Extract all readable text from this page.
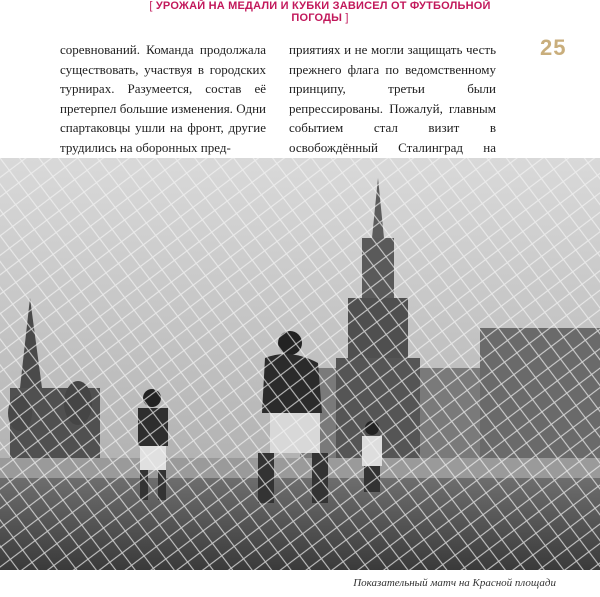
[ УРОЖАЙ НА МЕДАЛИ И КУБКИ ЗАВИСЕЛ ОТ ФУТБОЛЬНОЙ ПОГОДЫ ]
25

соревнований. Команда продолжала существовать, участвуя в городских турнирах. Разумеется, состав её претерпел большие изменения. Одни спартаковцы ушли на фронт, другие трудились на оборонных пред-

приятиях и не могли защищать честь прежнего флага по ведомственному принципу, третьи были репрессированы. Пожалуй, главным событием стал визит в освобождённый Сталинград на

Показательный матч на Красной площади
